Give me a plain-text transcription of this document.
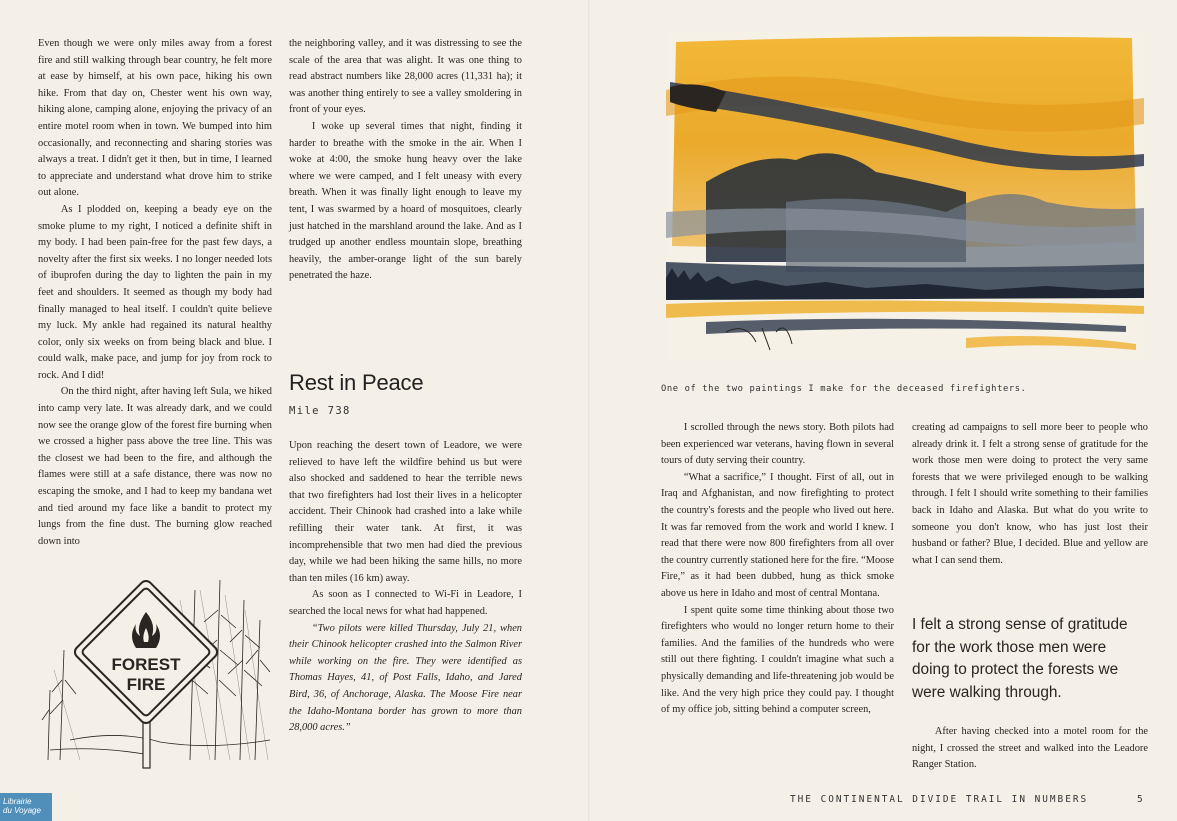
Even though we were only miles away from a forest fire and still walking through bear country, he felt more at ease by himself, at his own pace, hiking his own hike. From that day on, Chester went his own way, hiking alone, camping alone, enjoying the privacy of an entire motel room when in town. We bumped into him occasionally, and reconnecting and sharing stories was always a treat. I didn't get it then, but in time, I learned to appreciate and understand what drove him to strike out alone.

As I plodded on, keeping a beady eye on the smoke plume to my right, I noticed a definite shift in my body. I had been pain-free for the past few days, a novelty after the first six weeks. I no longer needed lots of ibuprofen during the day to lighten the pain in my feet and shoulders. It seemed as though my body had finally managed to heal itself. I couldn't quite believe my luck. My ankle had regained its natural healthy color, only six weeks on from being black and blue. I could walk, make pace, and jump for joy from rock to rock. And I did!

On the third night, after having left Sula, we hiked into camp very late. It was already dark, and we could now see the orange glow of the forest fire burning when we crossed a higher pass above the tree line. This was the closest we had been to the fire, and although the flames were still at a safe distance, there was now no escaping the smoke, and I had to keep my bandana wet and tied around my face like a bandit to protect my lungs from the fine dust. The burning glow reached down into

the neighboring valley, and it was distressing to see the scale of the area that was alight. It was one thing to read abstract numbers like 28,000 acres (11,331 ha); it was another thing entirely to see a valley smoldering in front of your eyes.

I woke up several times that night, finding it harder to breathe with the smoke in the air. When I woke at 4:00, the smoke hung heavy over the lake where we were camped, and I felt uneasy with every breath. When it was finally light enough to leave my tent, I was swarmed by a hoard of mosquitoes, clearly just hatched in the marshland around the lake. And as I trudged up another endless mountain slope, breathing heavily, the amber-orange light of the sun barely penetrated the haze.

Rest in Peace
Mile 738

Upon reaching the desert town of Leadore, we were relieved to have left the wildfire behind us but were also shocked and saddened to hear the terrible news that two firefighters had lost their lives in a helicopter accident. Their Chinook had crashed into a lake while refilling their water tank. At first, it was incomprehensible that two men had died the previous day, while we had been hiking the same hills, no more than ten miles (16 km) away.

As soon as I connected to Wi-Fi in Leadore, I searched the local news for what had happened.

“Two pilots were killed Thursday, July 21, when their Chinook helicopter crashed into the Salmon River while working on the fire. They were identified as Thomas Hayes, 41, of Post Falls, Idaho, and Jared Bird, 36, of Anchorage, Alaska. The Moose Fire near the Idaho-Montana border has grown to more than 28,000 acres.”

FOREST
FIRE
One of the two paintings I make for the deceased firefighters.

I scrolled through the news story. Both pilots had been experienced war veterans, having flown in several tours of duty serving their country.

“What a sacrifice,” I thought. First of all, out in Iraq and Afghanistan, and now firefighting to protect the country's forests and the people who lived out here. It was far removed from the work and world I knew. I read that there were now 800 firefighters from all over the country currently stationed here for the fire. “Moose Fire,” as it had been dubbed, hung as thick smoke above us here in Idaho and most of central Montana.

I spent quite some time thinking about those two firefighters who would no longer return home to their families. And the families of the hundreds who were still out there fighting. I couldn't imagine what such a physically demanding and life-threatening job would be like. And the very high price they could pay. I thought of my office job, sitting behind a computer screen,

creating ad campaigns to sell more beer to people who already drink it. I felt a strong sense of gratitude for the work those men were doing to protect the very same forests that we were privileged enough to be walking through. I felt I should write something to their families back in Idaho and Alaska. But what do you write to someone you don't know, who has just lost their husband or father? Blue, I decided. Blue and yellow are what I can send them.

I felt a strong sense of gratitude for the work those men were doing to protect the forests we were walking through.

After having checked into a motel room for the night, I crossed the street and walked into the Leadore Ranger Station.

THE CONTINENTAL DIVIDE TRAIL IN NUMBERS	5
Librairie
du Voyage
